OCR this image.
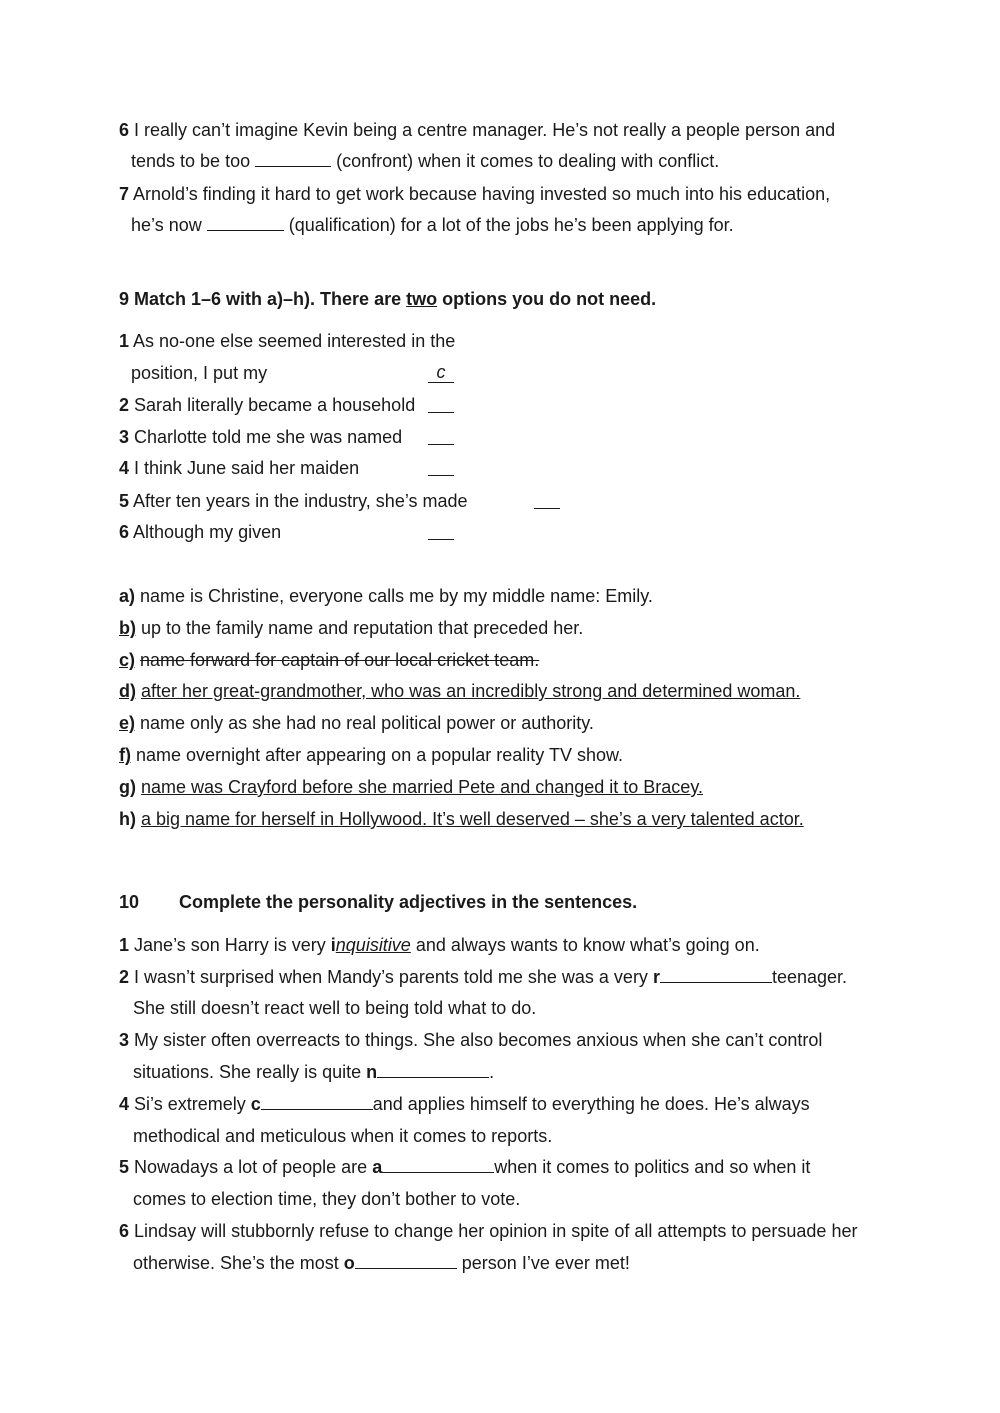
6 I really can’t imagine Kevin being a centre manager. He’s not really a people person and
tends to be too	(confront) when it comes to dealing with conflict.
7 Arnold’s finding it hard to get work because having invested so much into his education,
he’s now	(qualification) for a lot of the jobs he’s been applying for.
9 Match 1–6 with a)–h). There are two options you do not need.
1 As no-one else seemed interested in the
position, I put my	c
2 Sarah literally became a household
3 Charlotte told me she was named
4 I think June said her maiden
5 After ten years in the industry, she’s made
6 Although my given
a) name is Christine, everyone calls me by my middle name: Emily.
b) up to the family name and reputation that preceded her.
c) name forward for captain of our local cricket team.
d) after her great-grandmother, who was an incredibly strong and determined woman.
e) name only as she had no real political power or authority.
f) name overnight after appearing on a popular reality TV show.
g) name was Crayford before she married Pete and changed it to Bracey.
h) a big name for herself in Hollywood. It’s well deserved – she’s a very talented actor.
10 Complete the personality adjectives in the sentences.
1 Jane’s son Harry is very inquisitive and always wants to know what’s going on.
2 I wasn’t surprised when Mandy’s parents told me she was a very r	teenager.
She still doesn’t react well to being told what to do.
3 My sister often overreacts to things. She also becomes anxious when she can’t control
situations. She really is quite n	.
4 Si’s extremely c	and applies himself to everything he does. He’s always
methodical and meticulous when it comes to reports.
5 Nowadays a lot of people are a	when it comes to politics and so when it
comes to election time, they don’t bother to vote.
6 Lindsay will stubbornly refuse to change her opinion in spite of all attempts to persuade her
otherwise. She’s the most o	person I’ve ever met!
